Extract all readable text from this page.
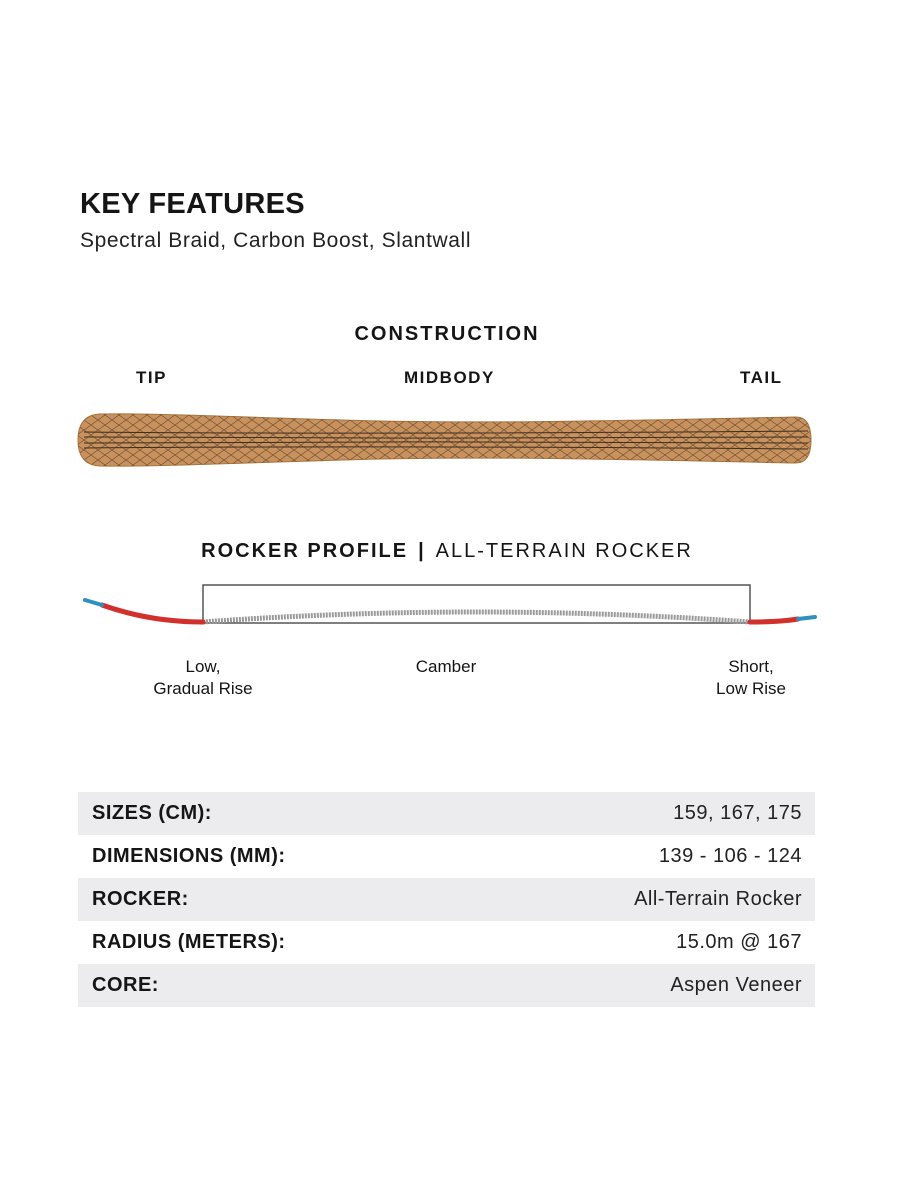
KEY FEATURES
Spectral Braid, Carbon Boost, Slantwall
CONSTRUCTION
TIP	MIDBODY	TAIL
ROCKER PROFILE | ALL-TERRAIN ROCKER
Low,
Gradual Rise
Camber	Short,
Low Rise
SIZES (CM):	159, 167, 175
DIMENSIONS (MM):	139 - 106 - 124
ROCKER:	All-Terrain Rocker
RADIUS (METERS):	15.0m @ 167
CORE:	Aspen Veneer
